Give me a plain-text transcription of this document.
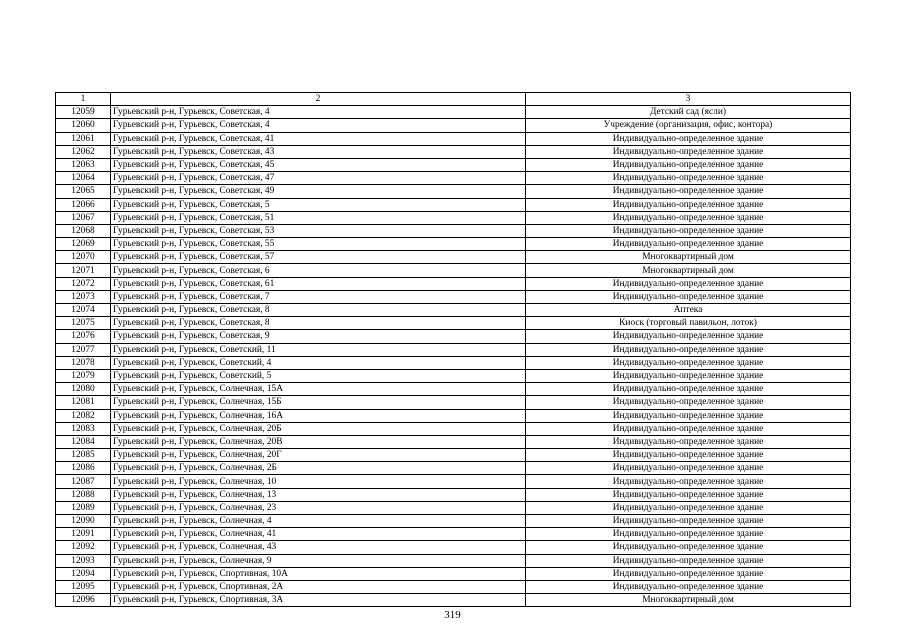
1	2	3
12059	Гурьевский р-н, Гурьевск, Советская, 4	Детский сад (ясли)
12060	Гурьевский р-н, Гурьевск, Советская, 4	Учреждение (организация, офис, контора)
12061	Гурьевский р-н, Гурьевск, Советская, 41	Индивидуально-определенное здание
12062	Гурьевский р-н, Гурьевск, Советская, 43	Индивидуально-определенное здание
12063	Гурьевский р-н, Гурьевск, Советская, 45	Индивидуально-определенное здание
12064	Гурьевский р-н, Гурьевск, Советская, 47	Индивидуально-определенное здание
12065	Гурьевский р-н, Гурьевск, Советская, 49	Индивидуально-определенное здание
12066	Гурьевский р-н, Гурьевск, Советская, 5	Индивидуально-определенное здание
12067	Гурьевский р-н, Гурьевск, Советская, 51	Индивидуально-определенное здание
12068	Гурьевский р-н, Гурьевск, Советская, 53	Индивидуально-определенное здание
12069	Гурьевский р-н, Гурьевск, Советская, 55	Индивидуально-определенное здание
12070	Гурьевский р-н, Гурьевск, Советская, 57	Многоквартирный дом
12071	Гурьевский р-н, Гурьевск, Советская, 6	Многоквартирный дом
12072	Гурьевский р-н, Гурьевск, Советская, 61	Индивидуально-определенное здание
12073	Гурьевский р-н, Гурьевск, Советская, 7	Индивидуально-определенное здание
12074	Гурьевский р-н, Гурьевск, Советская, 8	Аптека
12075	Гурьевский р-н, Гурьевск, Советская, 8	Киоск (торговый павильон, лоток)
12076	Гурьевский р-н, Гурьевск, Советская, 9	Индивидуально-определенное здание
12077	Гурьевский р-н, Гурьевск, Советский, 11	Индивидуально-определенное здание
12078	Гурьевский р-н, Гурьевск, Советский, 4	Индивидуально-определенное здание
12079	Гурьевский р-н, Гурьевск, Советский, 5	Индивидуально-определенное здание
12080	Гурьевский р-н, Гурьевск, Солнечная, 15А	Индивидуально-определенное здание
12081	Гурьевский р-н, Гурьевск, Солнечная, 15Б	Индивидуально-определенное здание
12082	Гурьевский р-н, Гурьевск, Солнечная, 16А	Индивидуально-определенное здание
12083	Гурьевский р-н, Гурьевск, Солнечная, 20Б	Индивидуально-определенное здание
12084	Гурьевский р-н, Гурьевск, Солнечная, 20В	Индивидуально-определенное здание
12085	Гурьевский р-н, Гурьевск, Солнечная, 20Г	Индивидуально-определенное здание
12086	Гурьевский р-н, Гурьевск, Солнечная, 2Б	Индивидуально-определенное здание
12087	Гурьевский р-н, Гурьевск, Солнечная, 10	Индивидуально-определенное здание
12088	Гурьевский р-н, Гурьевск, Солнечная, 13	Индивидуально-определенное здание
12089	Гурьевский р-н, Гурьевск, Солнечная, 23	Индивидуально-определенное здание
12090	Гурьевский р-н, Гурьевск, Солнечная, 4	Индивидуально-определенное здание
12091	Гурьевский р-н, Гурьевск, Солнечная, 41	Индивидуально-определенное здание
12092	Гурьевский р-н, Гурьевск, Солнечная, 43	Индивидуально-определенное здание
12093	Гурьевский р-н, Гурьевск, Солнечная, 9	Индивидуально-определенное здание
12094	Гурьевский р-н, Гурьевск, Спортивная, 10А	Индивидуально-определенное здание
12095	Гурьевский р-н, Гурьевск, Спортивная, 2А	Индивидуально-определенное здание
12096	Гурьевский р-н, Гурьевск, Спортивная, 3А	Многоквартирный дом
319
